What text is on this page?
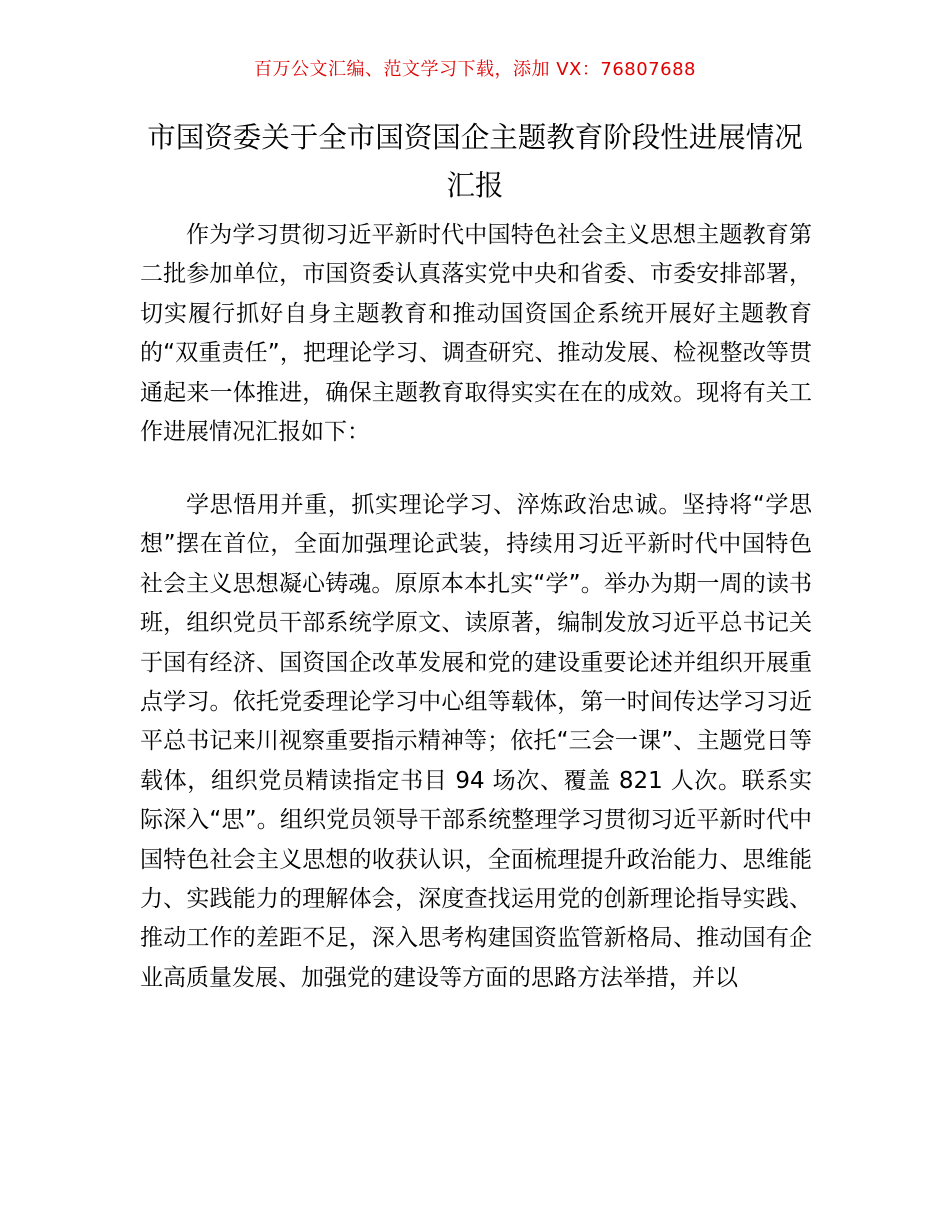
百万公文汇编、范文学习下载，添加 VX：76807688
市国资委关于全市国资国企主题教育阶段性进展情况汇报

作为学习贯彻习近平新时代中国特色社会主义思想主题教育第二批参加单位，市国资委认真落实党中央和省委、市委安排部署，切实履行抓好自身主题教育和推动国资国企系统开展好主题教育的“双重责任”，把理论学习、调查研究、推动发展、检视整改等贯通起来一体推进，确保主题教育取得实实在在的成效。现将有关工作进展情况汇报如下：

学思悟用并重，抓实理论学习、淬炼政治忠诚。坚持将“学思想”摆在首位，全面加强理论武装，持续用习近平新时代中国特色社会主义思想凝心铸魂。原原本本扎实“学”。举办为期一周的读书班，组织党员干部系统学原文、读原著，编制发放习近平总书记关于国有经济、国资国企改革发展和党的建设重要论述并组织开展重点学习。依托党委理论学习中心组等载体，第一时间传达学习习近平总书记来川视察重要指示精神等；依托“三会一课”、主题党日等载体，组织党员精读指定书目 94 场次、覆盖 821 人次。联系实际深入“思”。组织党员领导干部系统整理学习贯彻习近平新时代中国特色社会主义思想的收获认识，全面梳理提升政治能力、思维能力、实践能力的理解体会，深度查找运用党的创新理论指导实践、推动工作的差距不足，深入思考构建国资监管新格局、推动国有企业高质量发展、加强党的建设等方面的思路方法举措，并以
